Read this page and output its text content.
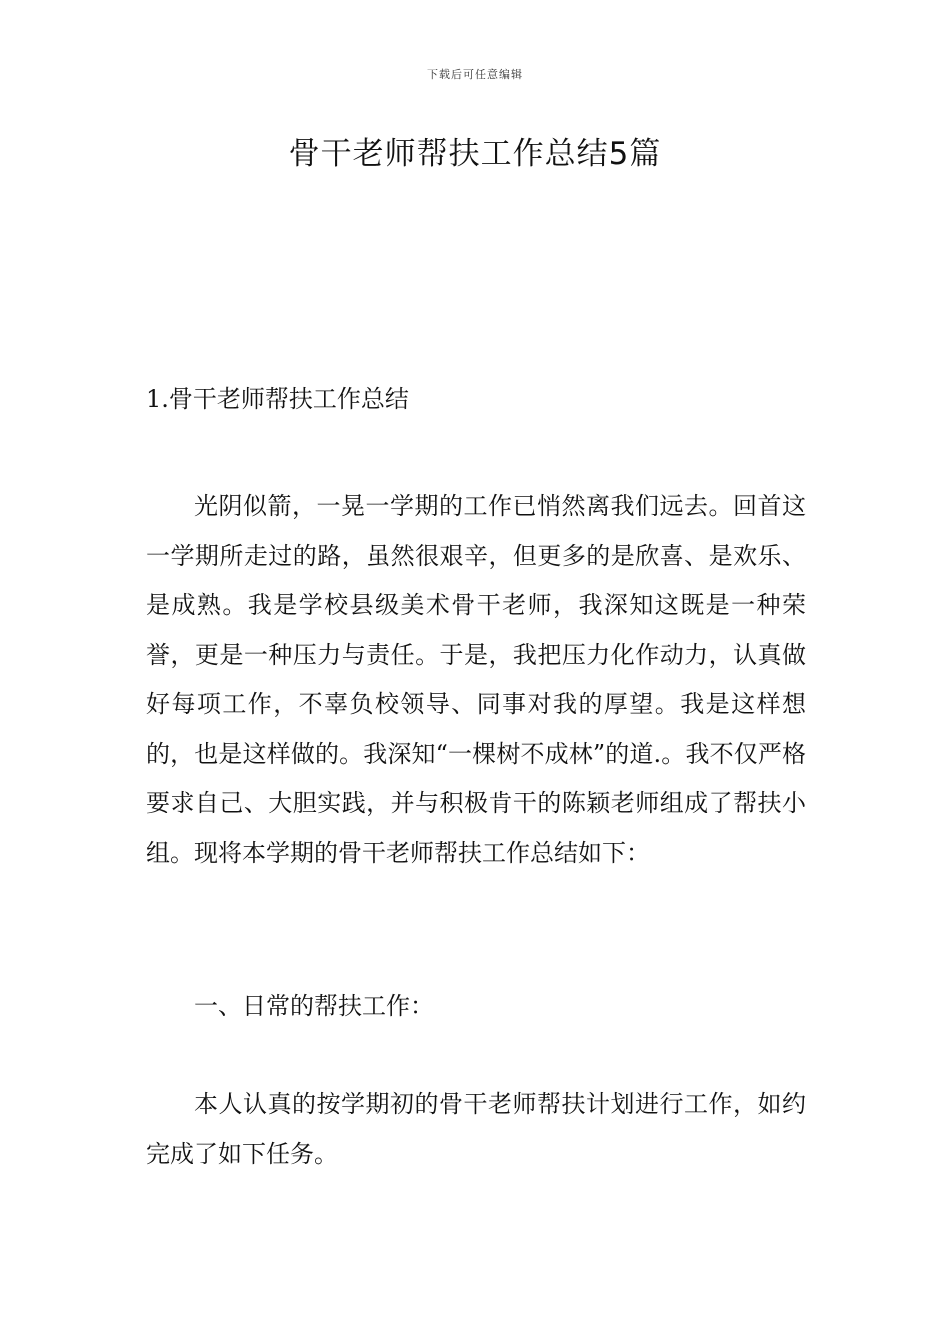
下载后可任意编辑
骨干老师帮扶工作总结5篇

1.骨干老师帮扶工作总结

光阴似箭，一晃一学期的工作已悄然离我们远去。回首这一学期所走过的路，虽然很艰辛，但更多的是欣喜、是欢乐、是成熟。我是学校县级美术骨干老师，我深知这既是一种荣誉，更是一种压力与责任。于是，我把压力化作动力，认真做好每项工作，不辜负校领导、同事对我的厚望。我是这样想的，也是这样做的。我深知“一棵树不成林”的道.。我不仅严格要求自己、大胆实践，并与积极肯干的陈颖老师组成了帮扶小组。现将本学期的骨干老师帮扶工作总结如下：

一、日常的帮扶工作：

本人认真的按学期初的骨干老师帮扶计划进行工作，如约完成了如下任务。
